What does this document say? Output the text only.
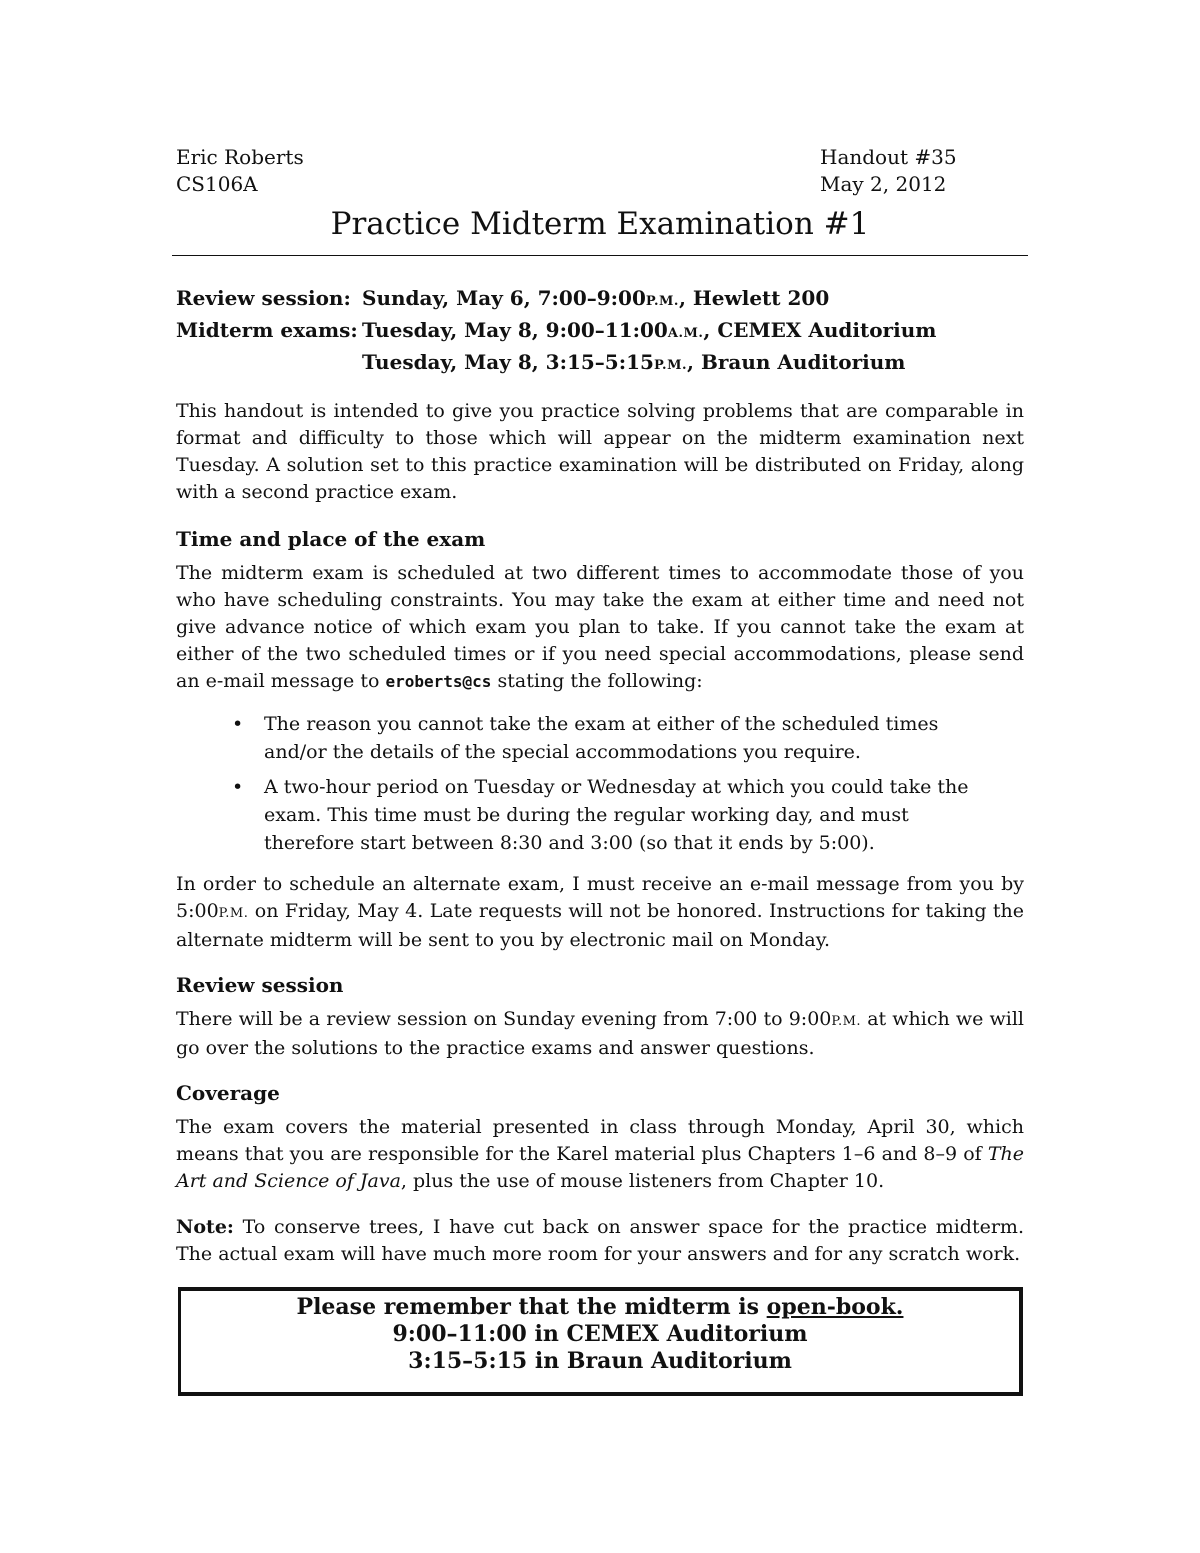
Eric Roberts
CS106A
Handout #35
May 2, 2012
Practice Midterm Examination #1
Review session: Sunday, May 6, 7:00–9:00P.M., Hewlett 200
Midterm exams: Tuesday, May 8, 9:00–11:00A.M., CEMEX Auditorium
Tuesday, May 8, 3:15–5:15P.M., Braun Auditorium
This handout is intended to give you practice solving problems that are comparable in format and difficulty to those which will appear on the midterm examination next Tuesday. A solution set to this practice examination will be distributed on Friday, along with a second practice exam.
Time and place of the exam
The midterm exam is scheduled at two different times to accommodate those of you who have scheduling constraints. You may take the exam at either time and need not give advance notice of which exam you plan to take. If you cannot take the exam at either of the two scheduled times or if you need special accommodations, please send an e-mail message to eroberts@cs stating the following:
• The reason you cannot take the exam at either of the scheduled times and/or the details of the special accommodations you require.
• A two-hour period on Tuesday or Wednesday at which you could take the exam. This time must be during the regular working day, and must therefore start between 8:30 and 3:00 (so that it ends by 5:00).
In order to schedule an alternate exam, I must receive an e-mail message from you by 5:00P.M. on Friday, May 4. Late requests will not be honored. Instructions for taking the alternate midterm will be sent to you by electronic mail on Monday.
Review session
There will be a review session on Sunday evening from 7:00 to 9:00P.M. at which we will go over the solutions to the practice exams and answer questions.
Coverage
The exam covers the material presented in class through Monday, April 30, which means that you are responsible for the Karel material plus Chapters 1–6 and 8–9 of The Art and Science of Java, plus the use of mouse listeners from Chapter 10.
Note: To conserve trees, I have cut back on answer space for the practice midterm. The actual exam will have much more room for your answers and for any scratch work.
Please remember that the midterm is open-book.
9:00–11:00 in CEMEX Auditorium
3:15–5:15 in Braun Auditorium
